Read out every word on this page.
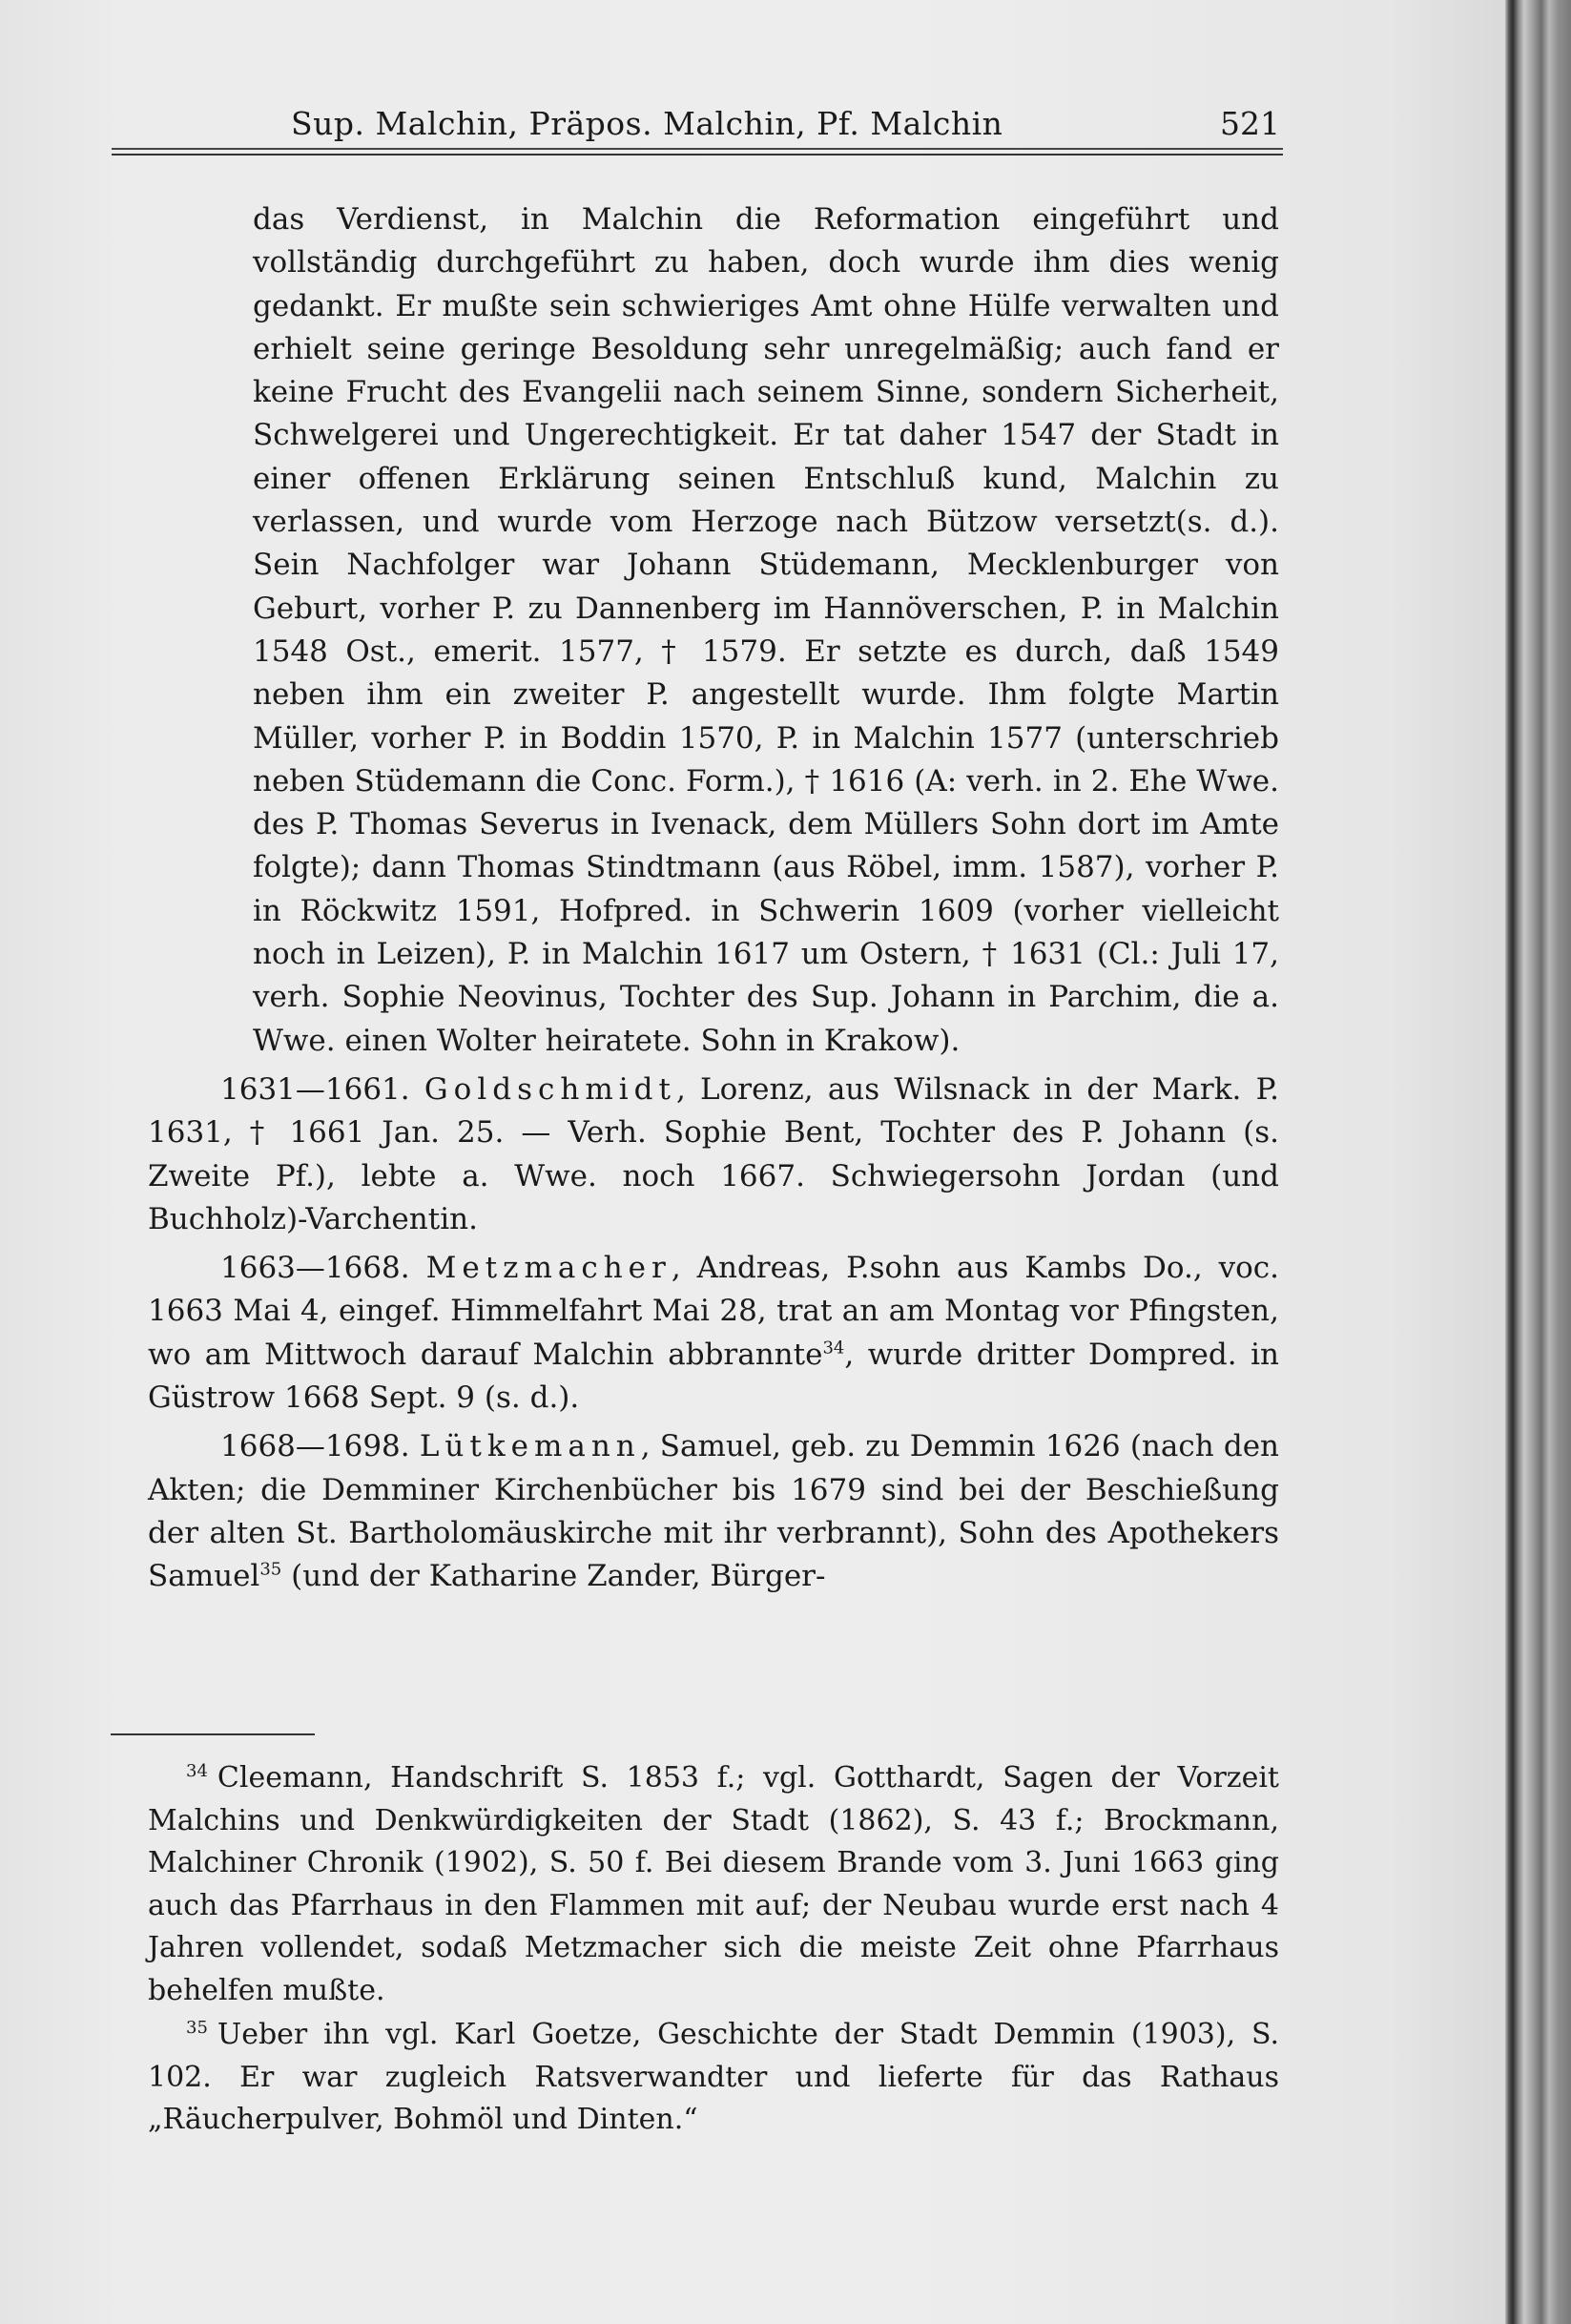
Sup. Malchin, Präpos. Malchin, Pf. Malchin	521

das Verdienst, in Malchin die Reformation eingeführt und vollständig durchgeführt zu haben, doch wurde ihm dies wenig gedankt. Er mußte sein schwieriges Amt ohne Hülfe verwalten und erhielt seine geringe Besoldung sehr unregelmäßig; auch fand er keine Frucht des Evangelii nach seinem Sinne, sondern Sicherheit, Schwelgerei und Ungerechtigkeit. Er tat daher 1547 der Stadt in einer offenen Erklärung seinen Entschluß kund, Malchin zu verlassen, und wurde vom Herzoge nach Bützow versetzt(s. d.). Sein Nachfolger war Johann Stüdemann, Mecklenburger von Geburt, vorher P. zu Dannenberg im Hannöverschen, P. in Malchin 1548 Ost., emerit. 1577, † 1579. Er setzte es durch, daß 1549 neben ihm ein zweiter P. angestellt wurde. Ihm folgte Martin Müller, vorher P. in Boddin 1570, P. in Malchin 1577 (unterschrieb neben Stüdemann die Conc. Form.), † 1616 (A: verh. in 2. Ehe Wwe. des P. Thomas Severus in Ivenack, dem Müllers Sohn dort im Amte folgte); dann Thomas Stindtmann (aus Röbel, imm. 1587), vorher P. in Röckwitz 1591, Hofpred. in Schwerin 1609 (vorher vielleicht noch in Leizen), P. in Malchin 1617 um Ostern, † 1631 (Cl.: Juli 17, verh. Sophie Neovinus, Tochter des Sup. Johann in Parchim, die a. Wwe. einen Wolter heiratete. Sohn in Krakow).

1631—1661. Goldschmidt, Lorenz, aus Wilsnack in der Mark. P. 1631, † 1661 Jan. 25. — Verh. Sophie Bent, Tochter des P. Johann (s. Zweite Pf.), lebte a. Wwe. noch 1667. Schwiegersohn Jordan (und Buchholz)-Varchentin.

1663—1668. Metzmacher, Andreas, P.sohn aus Kambs Do., voc. 1663 Mai 4, eingef. Himmelfahrt Mai 28, trat an am Montag vor Pfingsten, wo am Mittwoch darauf Malchin abbrannte$^{34}$, wurde dritter Dompred. in Güstrow 1668 Sept. 9 (s. d.).

1668—1698. Lütkemann, Samuel, geb. zu Demmin 1626 (nach den Akten; die Demminer Kirchenbücher bis 1679 sind bei der Beschießung der alten St. Bartholomäuskirche mit ihr verbrannt), Sohn des Apothekers Samuel$^{35}$ (und der Katharine Zander, Bürger-

$^{34}$ Cleemann, Handschrift S. 1853 f.; vgl. Gotthardt, Sagen der Vorzeit Malchins und Denkwürdigkeiten der Stadt (1862), S. 43 f.; Brockmann, Malchiner Chronik (1902), S. 50 f. Bei diesem Brande vom 3. Juni 1663 ging auch das Pfarrhaus in den Flammen mit auf; der Neubau wurde erst nach 4 Jahren vollendet, sodaß Metzmacher sich die meiste Zeit ohne Pfarrhaus behelfen mußte.

$^{35}$ Ueber ihn vgl. Karl Goetze, Geschichte der Stadt Demmin (1903), S. 102. Er war zugleich Ratsverwandter und lieferte für das Rathaus „Räucherpulver, Bohmöl und Dinten.“
